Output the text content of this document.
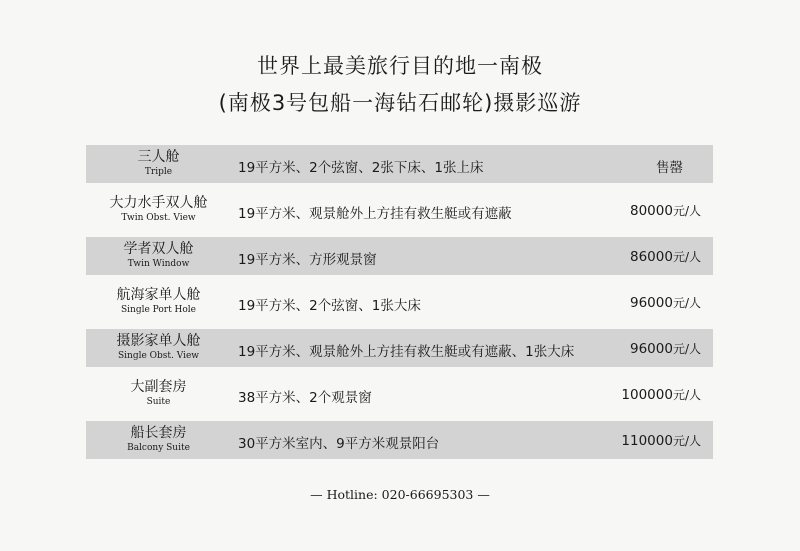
世界上最美旅行目的地一南极
(南极3号包船一海钻石邮轮)摄影巡游
三人舱
Triple	19平方米、2个弦窗、2张下床、1张上床	售罄
大力水手双人舱
Twin Obst. View	19平方米、观景舱外上方挂有救生艇或有遮蔽	80000元/人
学者双人舱
Twin Window	19平方米、方形观景窗	86000元/人
航海家单人舱
Single Port Hole	19平方米、2个弦窗、1张大床	96000元/人
摄影家单人舱
Single Obst. View	19平方米、观景舱外上方挂有救生艇或有遮蔽、1张大床	96000元/人
大副套房
Suite	38平方米、2个观景窗	100000元/人
船长套房
Balcony Suite	30平方米室内、9平方米观景阳台	110000元/人
— Hotline: 020-66695303 —
